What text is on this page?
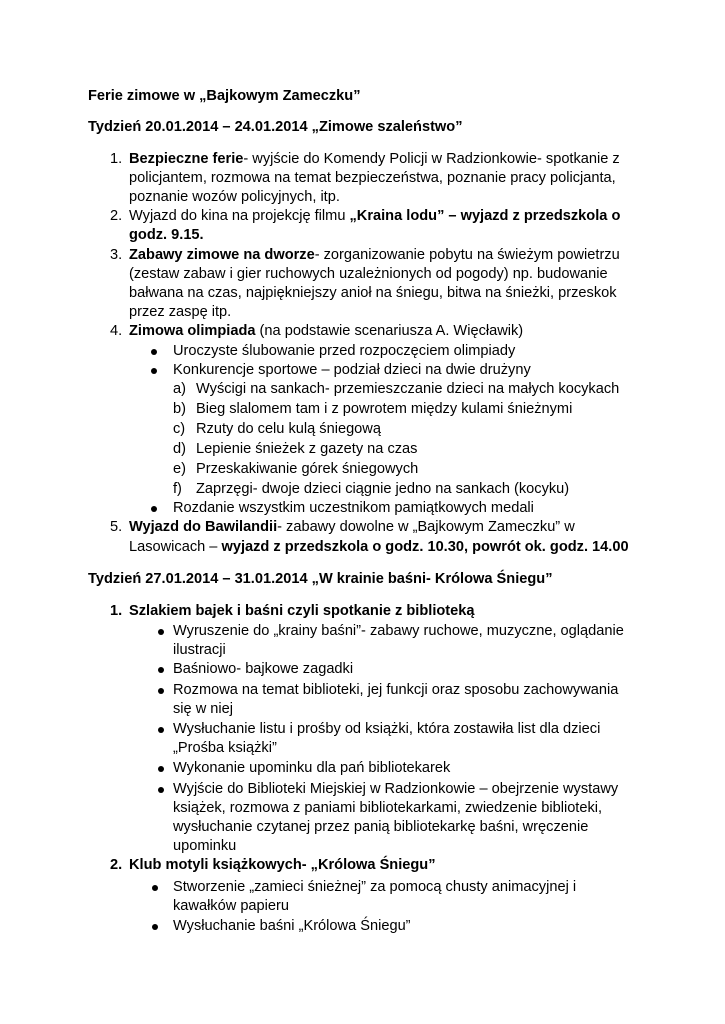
Ferie zimowe w „Bajkowym Zameczku”
Tydzień 20.01.2014 – 24.01.2014 „Zimowe szaleństwo”
1. Bezpieczne ferie- wyjście do Komendy Policji w Radzionkowie- spotkanie z
policjantem, rozmowa na temat bezpieczeństwa, poznanie pracy policjanta,
poznanie wozów policyjnych, itp.
2. Wyjazd do kina na projekcję filmu „Kraina lodu” – wyjazd z przedszkola o
godz. 9.15.
3. Zabawy zimowe na dworze- zorganizowanie pobytu na świeżym powietrzu
(zestaw zabaw i gier ruchowych uzależnionych od pogody) np. budowanie
bałwana na czas, najpiękniejszy anioł na śniegu, bitwa na śnieżki, przeskok
przez zaspę itp.
4. Zimowa olimpiada (na podstawie scenariusza A. Więcławik)
Uroczyste ślubowanie przed rozpoczęciem olimpiady
Konkurencje sportowe – podział dzieci na dwie drużyny
a) Wyścigi na sankach- przemieszczanie dzieci na małych kocykach
b) Bieg slalomem tam i z powrotem między kulami śnieżnymi
c) Rzuty do celu kulą śniegową
d) Lepienie śnieżek z gazety na czas
e) Przeskakiwanie górek śniegowych
f) Zaprzęgi- dwoje dzieci ciągnie jedno na sankach (kocyku)
Rozdanie wszystkim uczestnikom pamiątkowych medali
5. Wyjazd do Bawilandii- zabawy dowolne w „Bajkowym Zameczku” w
Lasowicach – wyjazd z przedszkola o godz. 10.30, powrót ok. godz. 14.00
Tydzień 27.01.2014 – 31.01.2014 „W krainie baśni- Królowa Śniegu”
1. Szlakiem bajek i baśni czyli spotkanie z biblioteką
Wyruszenie do „krainy baśni”- zabawy ruchowe, muzyczne, oglądanie
ilustracji
Baśniowo- bajkowe zagadki
Rozmowa na temat biblioteki, jej funkcji oraz sposobu zachowywania
się w niej
Wysłuchanie listu i prośby od książki, która zostawiła list dla dzieci
„Prośba książki”
Wykonanie upominku dla pań bibliotekarek
Wyjście do Biblioteki Miejskiej w Radzionkowie – obejrzenie wystawy
książek, rozmowa z paniami bibliotekarkami, zwiedzenie biblioteki,
wysłuchanie czytanej przez panią bibliotekarkę baśni, wręczenie
upominku
2. Klub motyli książkowych- „Królowa Śniegu”
Stworzenie „zamieci śnieżnej” za pomocą chusty animacyjnej i
kawałków papieru
Wysłuchanie baśni „Królowa Śniegu”
